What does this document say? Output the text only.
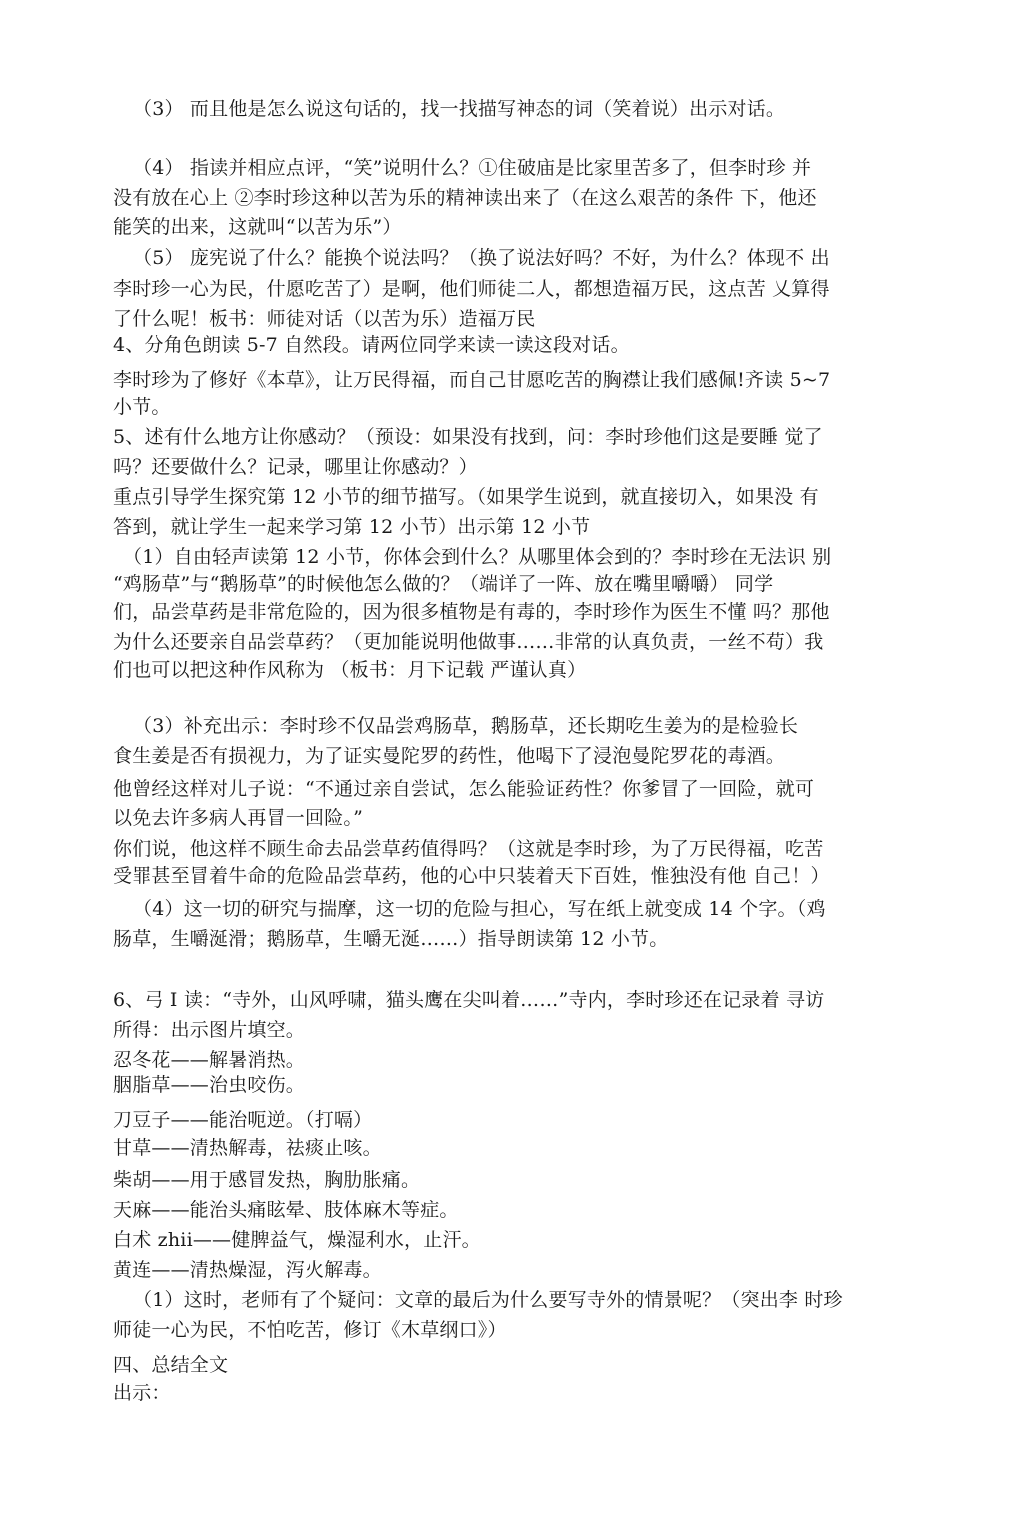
（3） 而且他是怎么说这句话的，找一找描写神态的词（笑着说）出示对话。
（4） 指读并相应点评，“笑”说明什么？①住破庙是比家里苦多了，但李时珍 并
没有放在心上 ②李时珍这种以苦为乐的精神读出来了（在这么艰苦的条件 下，他还
能笑的出来，这就叫“以苦为乐”）
（5） 庞宪说了什么？能换个说法吗？（换了说法好吗？不好，为什么？体现不 出
李时珍一心为民，什愿吃苦了）是啊，他们师徒二人，都想造福万民，这点苦 乂算得
了什么呢！板书：师徒对话（以苦为乐）造福万民
4、分角色朗读 5-7 自然段。请两位同学来读一读这段对话。
李时珍为了修好《本草》，让万民得福，而自己甘愿吃苦的胸襟让我们感佩!齐读 5~7
小节。
5、述有什么地方让你感动？（预设：如果没有找到，问：李时珍他们这是要睡 觉了
吗？还要做什么？记录，哪里让你感动？）
重点引导学生探究第 12 小节的细节描写。（如果学生说到，就直接切入，如果没 有
答到，就让学生一起来学习第 12 小节）出示第 12 小节
（1）自由轻声读第 12 小节，你体会到什么？从哪里体会到的？李时珍在无法识 别
“鸡肠草”与“鹅肠草”的时候他怎么做的？（端详了一阵、放在嘴里嚼嚼） 同学
们，品尝草药是非常危险的，因为很多植物是有毒的，李时珍作为医生不懂 吗？那他
为什么还要亲自品尝草药？（更加能说明他做事……非常的认真负责，一丝不苟）我
们也可以把这种作风称为 （板书：月下记载 严谨认真）
（3）补充出示：李时珍不仅品尝鸡肠草，鹅肠草，还长期吃生姜为的是检验长
食生姜是否有损视力，为了证实曼陀罗的药性，他喝下了浸泡曼陀罗花的毒酒。
他曾经这样对儿子说：“不通过亲自尝试，怎么能验证药性？你爹冒了一回险，就可
以免去许多病人再冒一回险。”
你们说，他这样不顾生命去品尝草药值得吗？（这就是李时珍，为了万民得福，吃苦
受罪甚至冒着牛命的危险品尝草药，他的心中只装着天下百姓，惟独没有他 自己！）
（4）这一切的研究与揣摩，这一切的危险与担心，写在纸上就变成 14 个字。（鸡
肠草，生嚼涎滑；鹅肠草，生嚼无涎……）指导朗读第 12 小节。
6、弓 I 读：“寺外，山风呼啸，猫头鹰在尖叫着……”寺内，李时珍还在记录着 寻访
所得：出示图片填空。
忍冬花——解暑消热。
胭脂草——治虫咬伤。
刀豆子——能治呃逆。（打嗝）
甘草——清热解毒，祛痰止咳。
柴胡——用于感冒发热，胸肋胀痛。
天麻——能治头痛眩晕、肢体麻木等症。
白术 zhii——健脾益气，燥湿利水，止汗。
黄连——清热燥湿，泻火解毒。
（1）这时，老师有了个疑问：文章的最后为什么要写寺外的情景呢？（突出李 时珍
师徒一心为民，不怕吃苦，修订《木草纲口》）
四、总结全文
出示：
